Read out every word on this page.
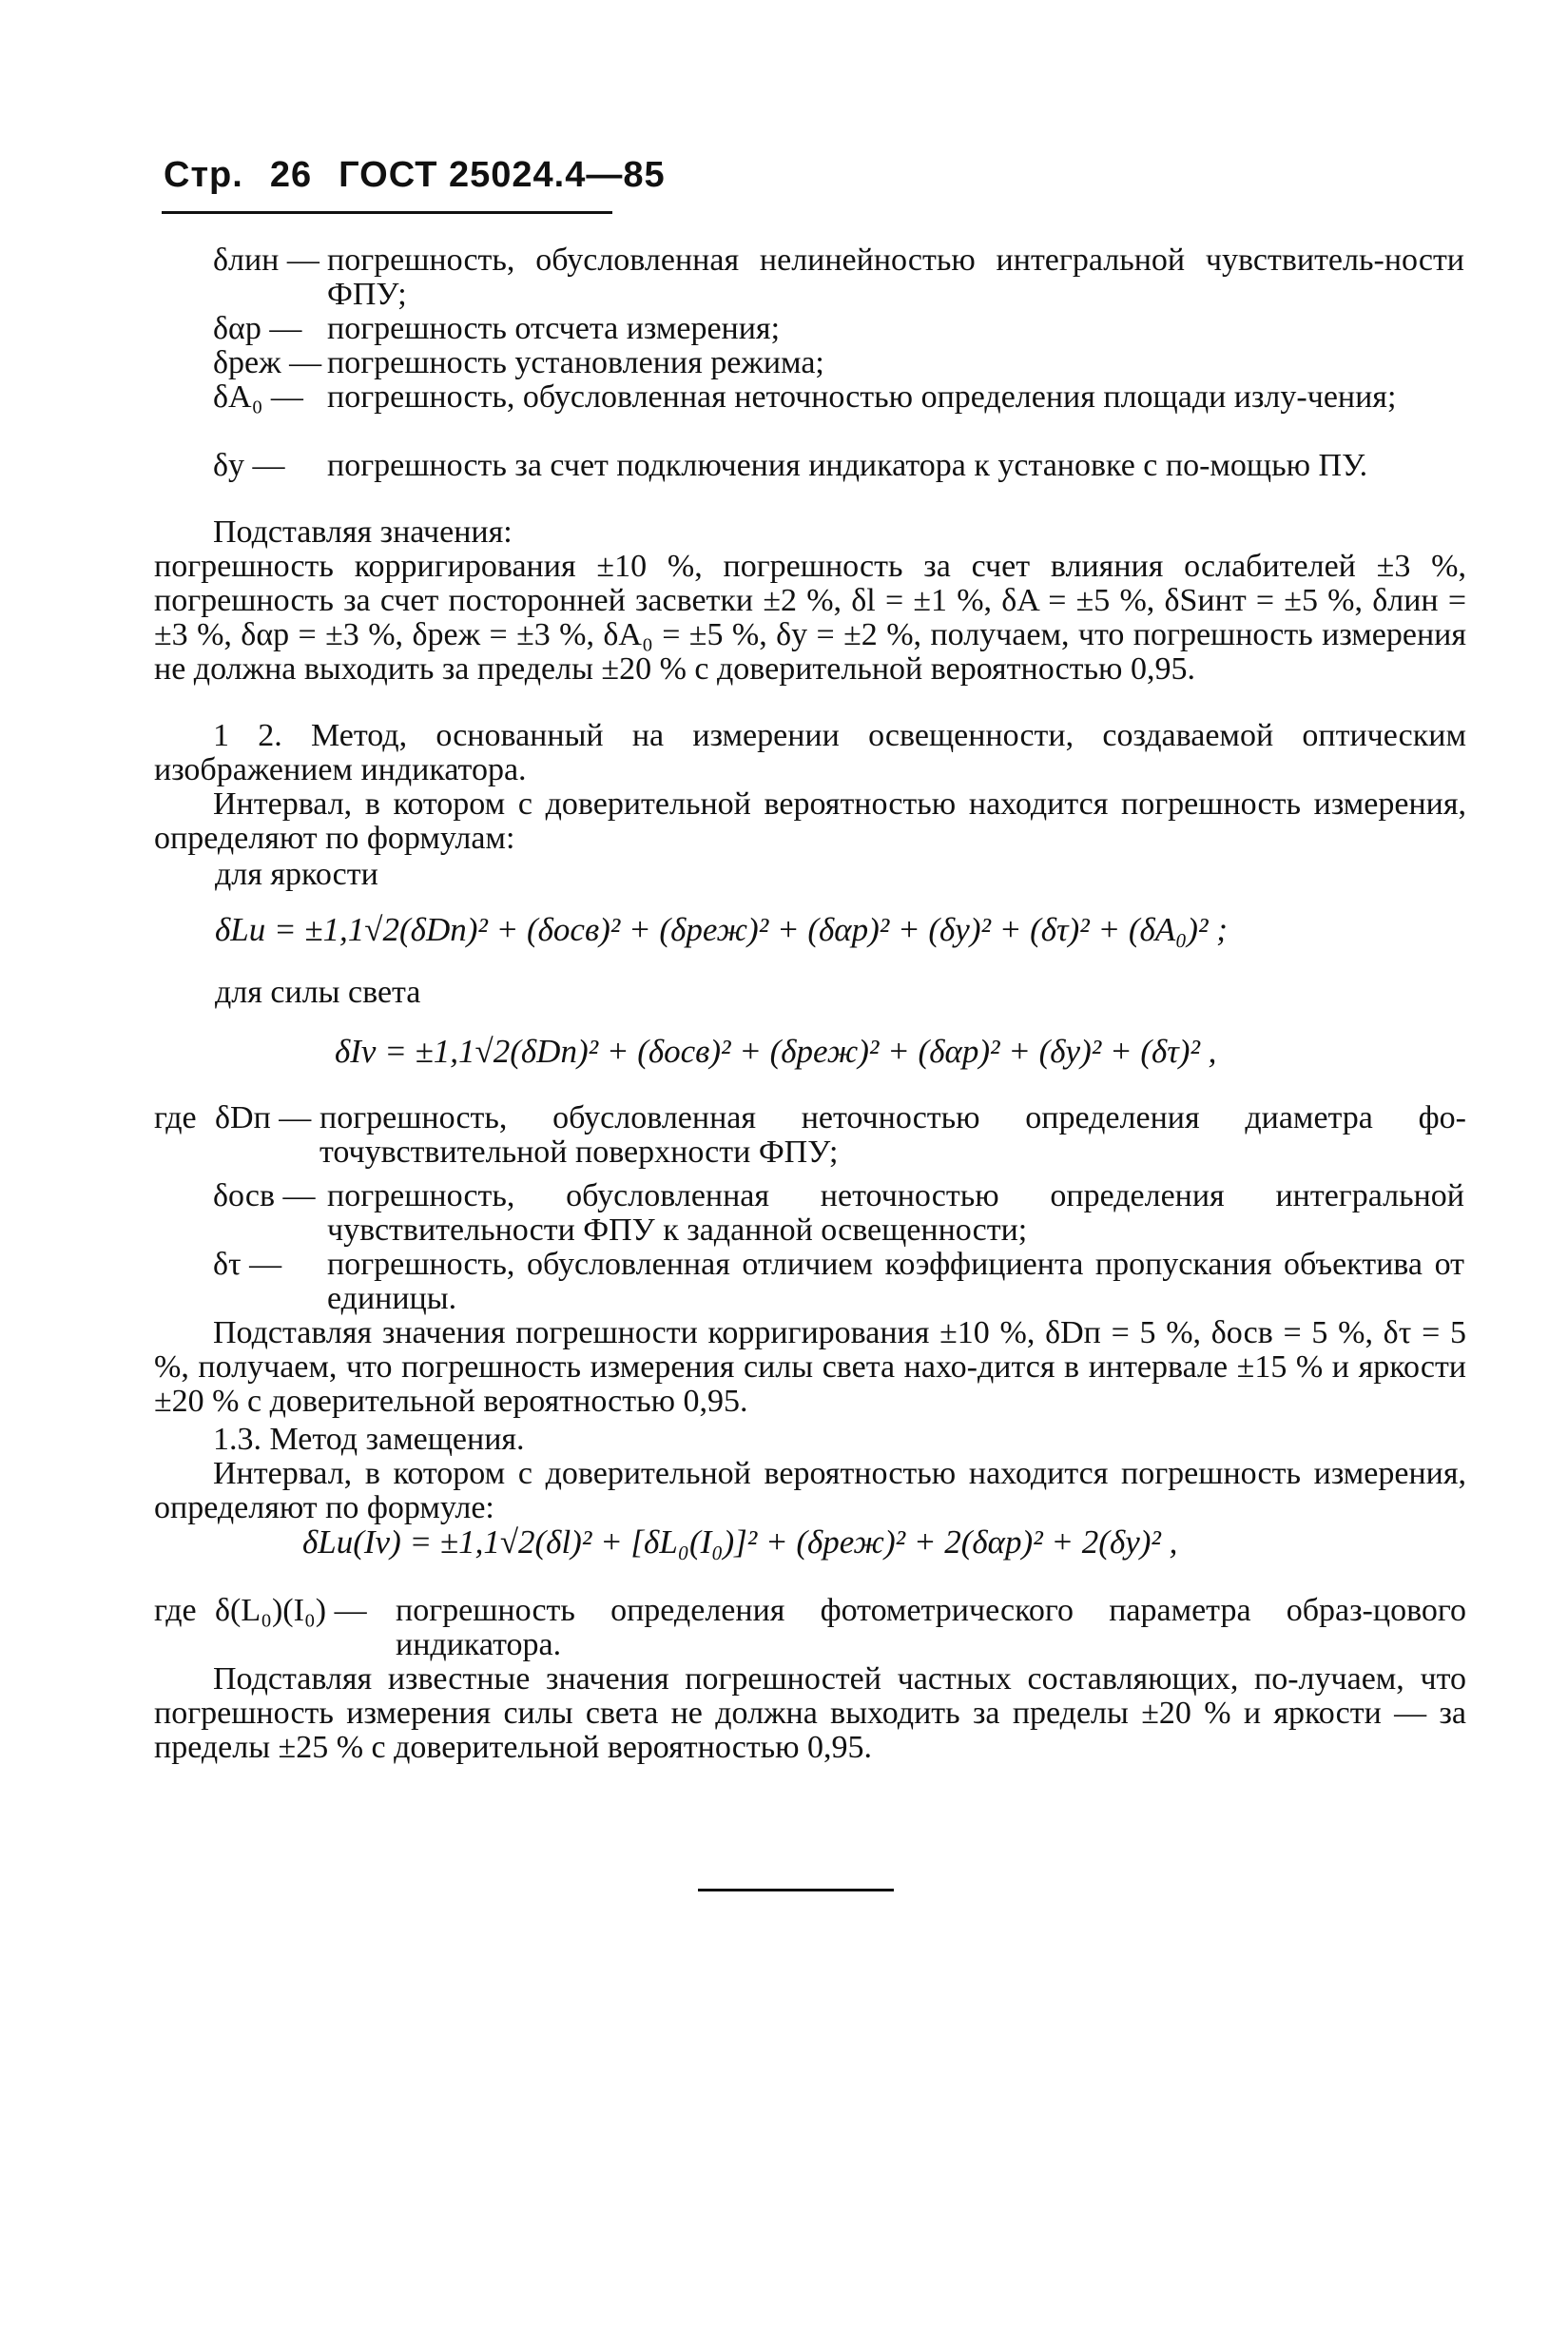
Стр. 26 ГОСТ 25024.4—85
δлин — погрешность, обусловленная нелинейностью интегральной чувствитель-ности ФПУ;
δαр — погрешность отсчета измерения;
δреж — погрешность установления режима;
δA₀ — погрешность, обусловленная неточностью определения площади излу-чения;
δу — погрешность за счет подключения индикатора к установке с по-мощью ПУ.
Подставляя значения:
погрешность корригирования ±10 %, погрешность за счет влияния ослабителей ±3 %, погрешность за счет посторонней засветки ±2 %, δl = ±1 %, δA = ±5 %, δSинт = ±5 %, δлин = ±3 %, δαр = ±3 %, δреж = ±3 %, δA₀ = ±5 %, δу = ±2 %, получаем, что погрешность измерения не должна выходить за пределы ±20 % с доверительной вероятностью 0,95.
1 2. Метод, основанный на измерении освещенности, создаваемой оптическим изображением индикатора.
Интервал, в котором с доверительной вероятностью находится погрешность измерения, определяют по формулам:
для яркости
δLи = ±1,1√2(δDп)² + (δосв)² + (δреж)² + (δαр)² + (δу)² + (δτ)² + (δA₀)² ;
для силы света
δIv = ±1,1√2(δDп)² + (δосв)² + (δреж)² + (δαр)² + (δу)² + (δτ)² ,
где δDп — погрешность, обусловленная неточностью определения диаметра фо-точувствительной поверхности ФПУ;
δосв — погрешность, обусловленная неточностью определения интегральной чувствительности ФПУ к заданной освещенности;
δτ — погрешность, обусловленная отличием коэффициента пропускания объектива от единицы.
Подставляя значения погрешности корригирования ±10 %, δDп = 5 %, δосв = 5 %, δτ = 5 %, получаем, что погрешность измерения силы света нахо-дится в интервале ±15 % и яркости ±20 % с доверительной вероятностью 0,95.
1.3. Метод замещения.
Интервал, в котором с доверительной вероятностью находится погрешность измерения, определяют по формуле:
δLи(Iv) = ±1,1√2(δl)² + [δL₀(I₀)]² + (δреж)² + 2(δαр)² + 2(δу)² ,
где δ(L₀)(I₀) — погрешность определения фотометрического параметра образ-цового индикатора.
Подставляя известные значения погрешностей частных составляющих, по-лучаем, что погрешность измерения силы света не должна выходить за пределы ±20 % и яркости — за пределы ±25 % с доверительной вероятностью 0,95.
